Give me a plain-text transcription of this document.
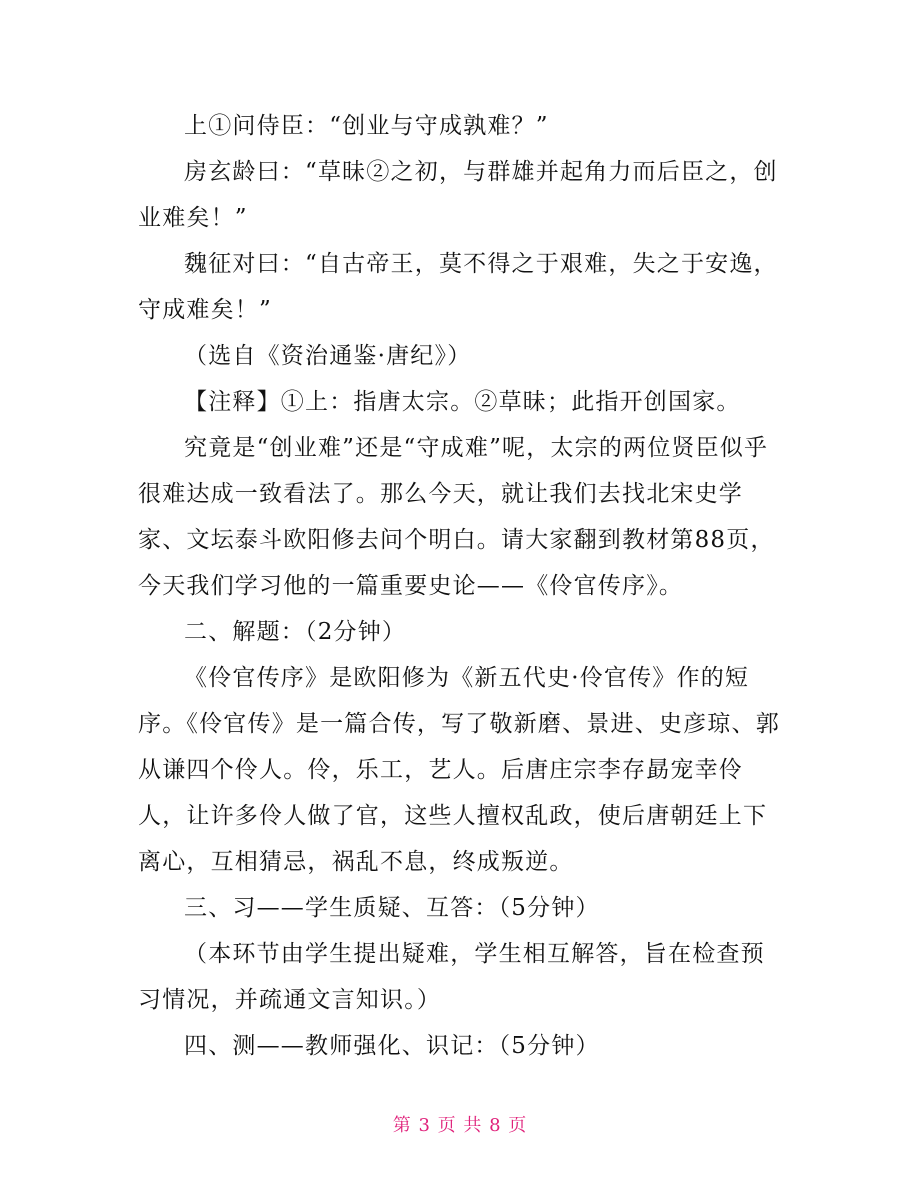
上①问侍臣：“创业与守成孰难？”

房玄龄曰：“草昧②之初，与群雄并起角力而后臣之，创业难矣！”

魏征对曰：“自古帝王，莫不得之于艰难，失之于安逸，守成难矣！”

（选自《资治通鉴·唐纪》）

【注释】①上：指唐太宗。②草昧；此指开创国家。

究竟是“创业难”还是“守成难”呢，太宗的两位贤臣似乎很难达成一致看法了。那么今天，就让我们去找北宋史学家、文坛泰斗欧阳修去问个明白。请大家翻到教材第88页，今天我们学习他的一篇重要史论——《伶官传序》。

二、解题：（2分钟）

《伶官传序》是欧阳修为《新五代史·伶官传》作的短序。《伶官传》是一篇合传，写了敬新磨、景进、史彦琼、郭从谦四个伶人。伶，乐工，艺人。后唐庄宗李存勗宠幸伶人，让许多伶人做了官，这些人擅权乱政，使后唐朝廷上下离心，互相猜忌，祸乱不息，终成叛逆。

三、习——学生质疑、互答：（5分钟）

（本环节由学生提出疑难，学生相互解答，旨在检查预习情况，并疏通文言知识。）

四、测——教师强化、识记：（5分钟）

第 3 页 共 8 页
